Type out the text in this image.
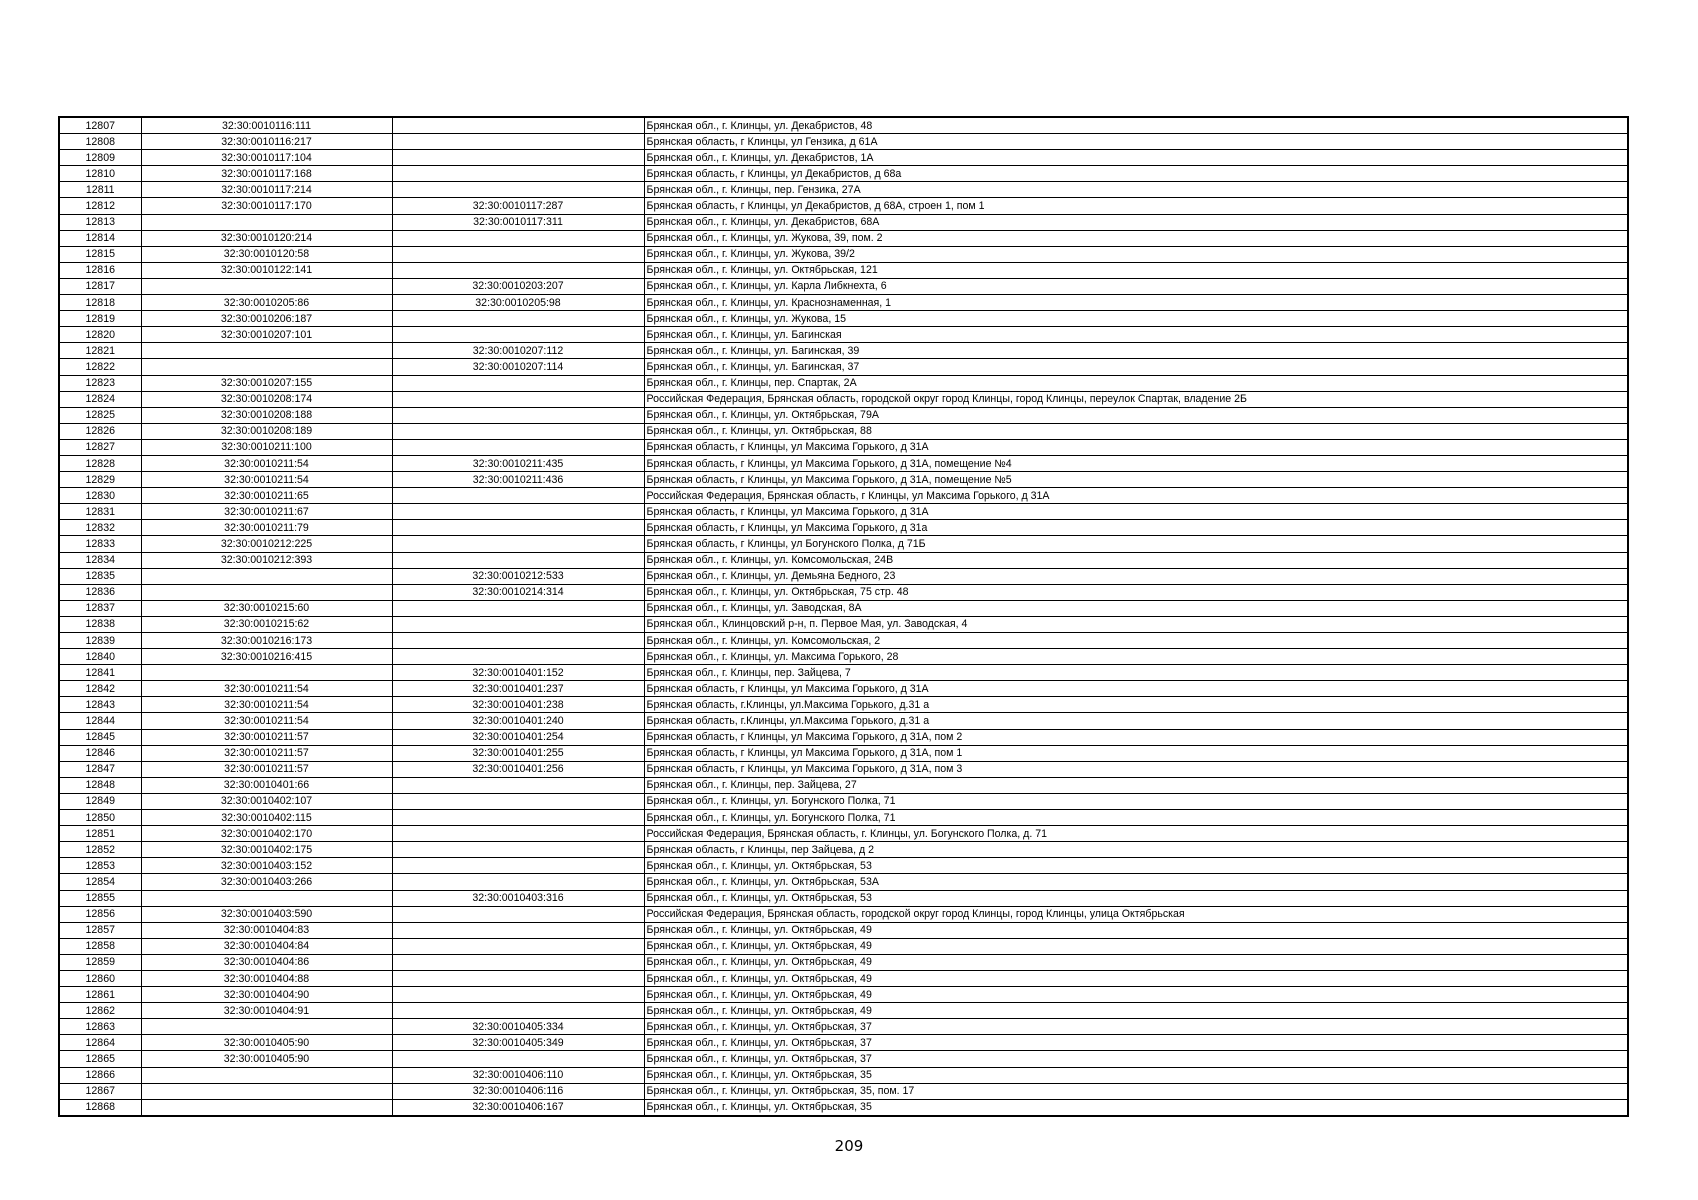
12807	32:30:0010116:111		Брянская обл., г. Клинцы, ул. Декабристов, 48
12808	32:30:0010116:217		Брянская область, г Клинцы, ул Гензика, д 61А
12809	32:30:0010117:104		Брянская обл., г. Клинцы, ул. Декабристов, 1А
12810	32:30:0010117:168		Брянская область, г Клинцы, ул Декабристов, д 68а
12811	32:30:0010117:214		Брянская обл., г. Клинцы, пер. Гензика, 27А
12812	32:30:0010117:170	32:30:0010117:287	Брянская область, г Клинцы, ул Декабристов, д 68А, строен 1, пом 1
12813		32:30:0010117:311	Брянская обл., г. Клинцы, ул. Декабристов, 68А
12814	32:30:0010120:214		Брянская обл., г. Клинцы, ул. Жукова, 39, пом. 2
12815	32:30:0010120:58		Брянская обл., г. Клинцы, ул. Жукова, 39/2
12816	32:30:0010122:141		Брянская обл., г. Клинцы, ул. Октябрьская, 121
12817		32:30:0010203:207	Брянская обл., г. Клинцы, ул. Карла Либкнехта, 6
12818	32:30:0010205:86	32:30:0010205:98	Брянская обл., г. Клинцы, ул. Краснознаменная, 1
12819	32:30:0010206:187		Брянская обл., г. Клинцы, ул. Жукова, 15
12820	32:30:0010207:101		Брянская обл., г. Клинцы, ул. Багинская
12821		32:30:0010207:112	Брянская обл., г. Клинцы, ул. Багинская, 39
12822		32:30:0010207:114	Брянская обл., г. Клинцы, ул. Багинская, 37
12823	32:30:0010207:155		Брянская обл., г. Клинцы, пер. Спартак, 2А
12824	32:30:0010208:174		Российская Федерация, Брянская область, городской округ город Клинцы, город Клинцы, переулок Спартак, владение 2Б
12825	32:30:0010208:188		Брянская обл., г. Клинцы, ул. Октябрьская, 79А
12826	32:30:0010208:189		Брянская обл., г. Клинцы, ул. Октябрьская, 88
12827	32:30:0010211:100		Брянская область, г Клинцы, ул Максима Горького, д 31А
12828	32:30:0010211:54	32:30:0010211:435	Брянская область, г Клинцы, ул Максима Горького, д 31А, помещение №4
12829	32:30:0010211:54	32:30:0010211:436	Брянская область, г Клинцы, ул Максима Горького, д 31А, помещение №5
12830	32:30:0010211:65		Российская Федерация, Брянская область, г Клинцы, ул Максима Горького, д 31А
12831	32:30:0010211:67		Брянская область, г Клинцы, ул Максима Горького, д 31А
12832	32:30:0010211:79		Брянская область, г Клинцы, ул Максима Горького, д 31а
12833	32:30:0010212:225		Брянская область, г Клинцы, ул Богунского Полка, д 71Б
12834	32:30:0010212:393		Брянская обл., г. Клинцы, ул. Комсомольская, 24В
12835		32:30:0010212:533	Брянская обл., г. Клинцы, ул. Демьяна Бедного, 23
12836		32:30:0010214:314	Брянская обл., г. Клинцы, ул. Октябрьская, 75 стр. 48
12837	32:30:0010215:60		Брянская обл., г. Клинцы, ул. Заводская, 8А
12838	32:30:0010215:62		Брянская обл., Клинцовский р-н, п. Первое Мая, ул. Заводская, 4
12839	32:30:0010216:173		Брянская обл., г. Клинцы, ул. Комсомольская, 2
12840	32:30:0010216:415		Брянская обл., г. Клинцы, ул. Максима Горького, 28
12841		32:30:0010401:152	Брянская обл., г. Клинцы, пер. Зайцева, 7
12842	32:30:0010211:54	32:30:0010401:237	Брянская область, г Клинцы, ул Максима Горького, д 31А
12843	32:30:0010211:54	32:30:0010401:238	Брянская область, г.Клинцы, ул.Максима Горького, д.31 а
12844	32:30:0010211:54	32:30:0010401:240	Брянская область, г.Клинцы, ул.Максима Горького, д.31 а
12845	32:30:0010211:57	32:30:0010401:254	Брянская область, г Клинцы, ул Максима Горького, д 31А, пом 2
12846	32:30:0010211:57	32:30:0010401:255	Брянская область, г Клинцы, ул Максима Горького, д 31А, пом 1
12847	32:30:0010211:57	32:30:0010401:256	Брянская область, г Клинцы, ул Максима Горького, д 31А, пом 3
12848	32:30:0010401:66		Брянская обл., г. Клинцы, пер. Зайцева, 27
12849	32:30:0010402:107		Брянская обл., г. Клинцы, ул. Богунского Полка, 71
12850	32:30:0010402:115		Брянская обл., г. Клинцы, ул. Богунского Полка, 71
12851	32:30:0010402:170		Российская Федерация, Брянская область, г. Клинцы, ул. Богунского Полка, д. 71
12852	32:30:0010402:175		Брянская область, г Клинцы, пер Зайцева, д 2
12853	32:30:0010403:152		Брянская обл., г. Клинцы, ул. Октябрьская, 53
12854	32:30:0010403:266		Брянская обл., г. Клинцы, ул. Октябрьская, 53А
12855		32:30:0010403:316	Брянская обл., г. Клинцы, ул. Октябрьская, 53
12856	32:30:0010403:590		Российская Федерация, Брянская область, городской округ город Клинцы, город Клинцы, улица Октябрьская
12857	32:30:0010404:83		Брянская обл., г. Клинцы, ул. Октябрьская, 49
12858	32:30:0010404:84		Брянская обл., г. Клинцы, ул. Октябрьская, 49
12859	32:30:0010404:86		Брянская обл., г. Клинцы, ул. Октябрьская, 49
12860	32:30:0010404:88		Брянская обл., г. Клинцы, ул. Октябрьская, 49
12861	32:30:0010404:90		Брянская обл., г. Клинцы, ул. Октябрьская, 49
12862	32:30:0010404:91		Брянская обл., г. Клинцы, ул. Октябрьская, 49
12863		32:30:0010405:334	Брянская обл., г. Клинцы, ул. Октябрьская, 37
12864	32:30:0010405:90	32:30:0010405:349	Брянская обл., г. Клинцы, ул. Октябрьская, 37
12865	32:30:0010405:90		Брянская обл., г. Клинцы, ул. Октябрьская, 37
12866		32:30:0010406:110	Брянская обл., г. Клинцы, ул. Октябрьская, 35
12867		32:30:0010406:116	Брянская обл., г. Клинцы, ул. Октябрьская, 35, пом. 17
12868		32:30:0010406:167	Брянская обл., г. Клинцы, ул. Октябрьская, 35
209
